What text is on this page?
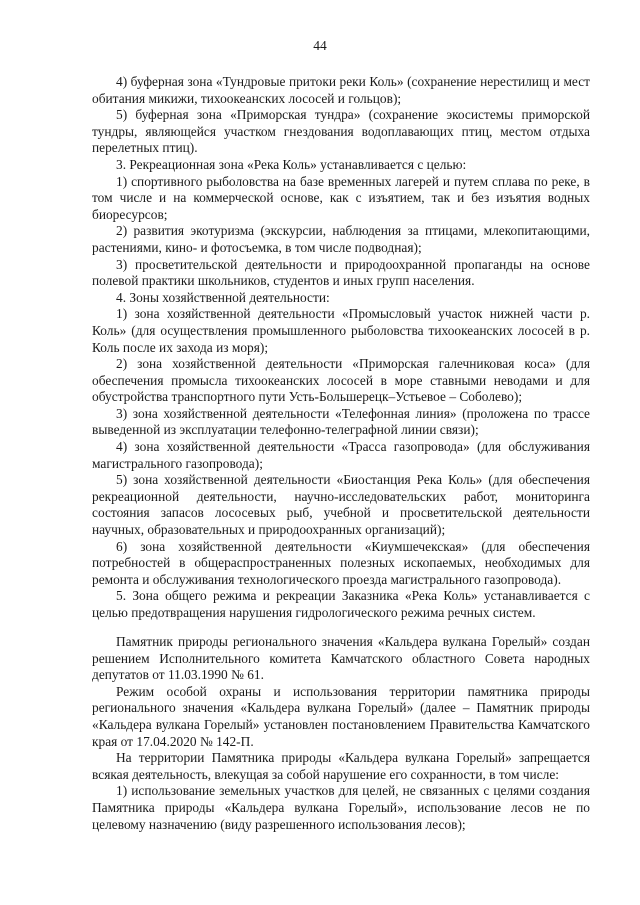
44

4) буферная зона «Тундровые притоки реки Коль» (сохранение нерестилищ и мест обитания микижи, тихоокеанских лососей и гольцов);

5) буферная зона «Приморская тундра» (сохранение экосистемы приморской тундры, являющейся участком гнездования водоплавающих птиц, местом отдыха перелетных птиц).

3. Рекреационная зона «Река Коль» устанавливается с целью:

1) спортивного рыболовства на базе временных лагерей и путем сплава по реке, в том числе и на коммерческой основе, как с изъятием, так и без изъятия водных биоресурсов;

2) развития экотуризма (экскурсии, наблюдения за птицами, млекопитающими, растениями, кино- и фотосъемка, в том числе подводная);

3) просветительской деятельности и природоохранной пропаганды на основе полевой практики школьников, студентов и иных групп населения.

4. Зоны хозяйственной деятельности:

1) зона хозяйственной деятельности «Промысловый участок нижней части р. Коль» (для осуществления промышленного рыболовства тихоокеанских лососей в р. Коль после их захода из моря);

2) зона хозяйственной деятельности «Приморская галечниковая коса» (для обеспечения промысла тихоокеанских лососей в море ставными неводами и для обустройства транспортного пути Усть-Большерецк–Устьевое – Соболево);

3) зона хозяйственной деятельности «Телефонная линия» (проложена по трассе выведенной из эксплуатации телефонно-телеграфной линии связи);

4) зона хозяйственной деятельности «Трасса газопровода» (для обслуживания магистрального газопровода);

5) зона хозяйственной деятельности «Биостанция Река Коль» (для обеспечения рекреационной деятельности, научно-исследовательских работ, мониторинга состояния запасов лососевых рыб, учебной и просветительской деятельности научных, образовательных и природоохранных организаций);

6) зона хозяйственной деятельности «Киумшечекская» (для обеспечения потребностей в общераспространенных полезных ископаемых, необходимых для ремонта и обслуживания технологического проезда магистрального газопровода).

5. Зона общего режима и рекреации Заказника «Река Коль» устанавливается с целью предотвращения нарушения гидрологического режима речных систем.

Памятник природы регионального значения «Кальдера вулкана Горелый» создан решением Исполнительного комитета Камчатского областного Совета народных депутатов от 11.03.1990 № 61.

Режим особой охраны и использования территории памятника природы регионального значения «Кальдера вулкана Горелый» (далее – Памятник природы «Кальдера вулкана Горелый» установлен постановлением Правительства Камчатского края от 17.04.2020 № 142-П.

На территории Памятника природы «Кальдера вулкана Горелый» запрещается всякая деятельность, влекущая за собой нарушение его сохранности, в том числе:

1) использование земельных участков для целей, не связанных с целями создания Памятника природы «Кальдера вулкана Горелый», использование лесов не по целевому назначению (виду разрешенного использования лесов);
